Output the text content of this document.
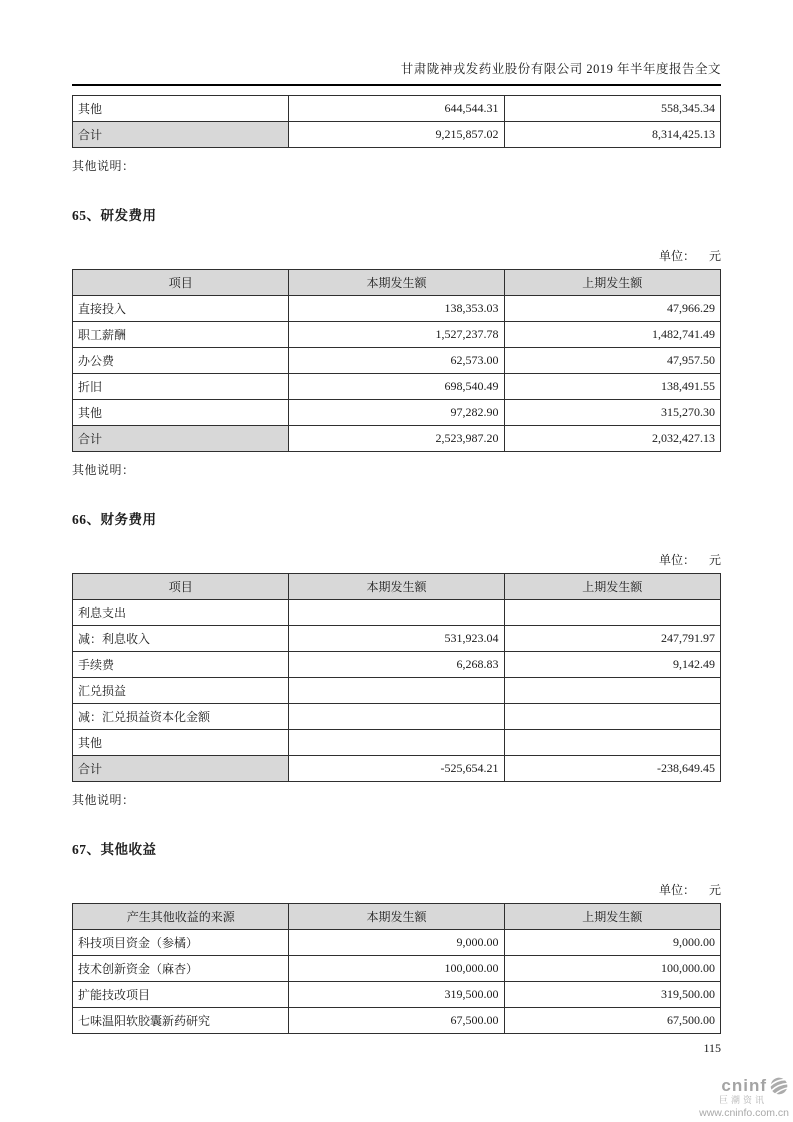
甘肃陇神戎发药业股份有限公司 2019 年半年度报告全文
其他	644,544.31	558,345.34
合计	9,215,857.02	8,314,425.13
其他说明：
65、研发费用
单位： 元
项目	本期发生额	上期发生额
直接投入	138,353.03	47,966.29
职工薪酬	1,527,237.78	1,482,741.49
办公费	62,573.00	47,957.50
折旧	698,540.49	138,491.55
其他	97,282.90	315,270.30
合计	2,523,987.20	2,032,427.13
其他说明：
66、财务费用
单位： 元
项目	本期发生额	上期发生额
利息支出		
减：利息收入	531,923.04	247,791.97
手续费	6,268.83	9,142.49
汇兑损益		
减：汇兑损益资本化金额		
其他		
合计	-525,654.21	-238,649.45
其他说明：
67、其他收益
单位： 元
产生其他收益的来源	本期发生额	上期发生额
科技项目资金（参橘）	9,000.00	9,000.00
技术创新资金（麻杏）	100,000.00	100,000.00
扩能技改项目	319,500.00	319,500.00
七味温阳软胶囊新药研究	67,500.00	67,500.00
115
cninf
巨潮资讯
www.cninfo.com.cn
